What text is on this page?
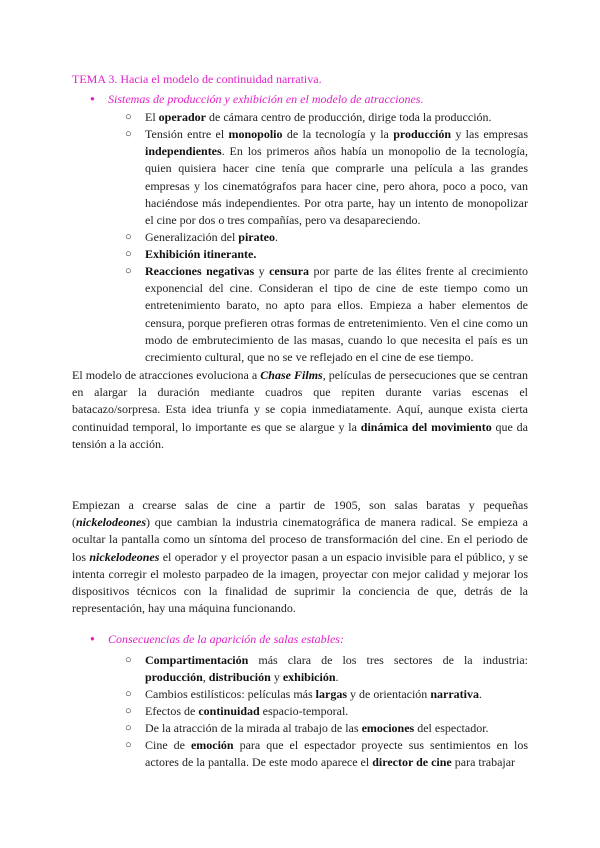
TEMA 3. Hacia el modelo de continuidad narrativa.
● Sistemas de producción y exhibición en el modelo de atracciones.
○ El operador de cámara centro de producción, dirige toda la producción.
○ Tensión entre el monopolio de la tecnología y la producción y las empresas independientes. En los primeros años había un monopolio de la tecnología, quien quisiera hacer cine tenía que comprarle una película a las grandes empresas y los cinematógrafos para hacer cine, pero ahora, poco a poco, van haciéndose más independientes. Por otra parte, hay un intento de monopolizar el cine por dos o tres compañías, pero va desapareciendo.
○ Generalización del pirateo.
○ Exhibición itinerante.
○ Reacciones negativas y censura por parte de las élites frente al crecimiento exponencial del cine. Consideran el tipo de cine de este tiempo como un entretenimiento barato, no apto para ellos. Empieza a haber elementos de censura, porque prefieren otras formas de entretenimiento. Ven el cine como un modo de embrutecimiento de las masas, cuando lo que necesita el país es un crecimiento cultural, que no se ve reflejado en el cine de ese tiempo.
El modelo de atracciones evoluciona a Chase Films, películas de persecuciones que se centran en alargar la duración mediante cuadros que repiten durante varias escenas el batacazo/sorpresa. Esta idea triunfa y se copia inmediatamente. Aquí, aunque exista cierta continuidad temporal, lo importante es que se alargue y la dinámica del movimiento que da tensión a la acción.
Empiezan a crearse salas de cine a partir de 1905, son salas baratas y pequeñas (nickelodeones) que cambian la industria cinematográfica de manera radical. Se empieza a ocultar la pantalla como un síntoma del proceso de transformación del cine. En el periodo de los nickelodeones el operador y el proyector pasan a un espacio invisible para el público, y se intenta corregir el molesto parpadeo de la imagen, proyectar con mejor calidad y mejorar los dispositivos técnicos con la finalidad de suprimir la conciencia de que, detrás de la representación, hay una máquina funcionando.
● Consecuencias de la aparición de salas estables:
○ Compartimentación más clara de los tres sectores de la industria: producción, distribución y exhibición.
○ Cambios estilísticos: películas más largas y de orientación narrativa.
○ Efectos de continuidad espacio-temporal.
○ De la atracción de la mirada al trabajo de las emociones del espectador.
○ Cine de emoción para que el espectador proyecte sus sentimientos en los actores de la pantalla. De este modo aparece el director de cine para trabajar
